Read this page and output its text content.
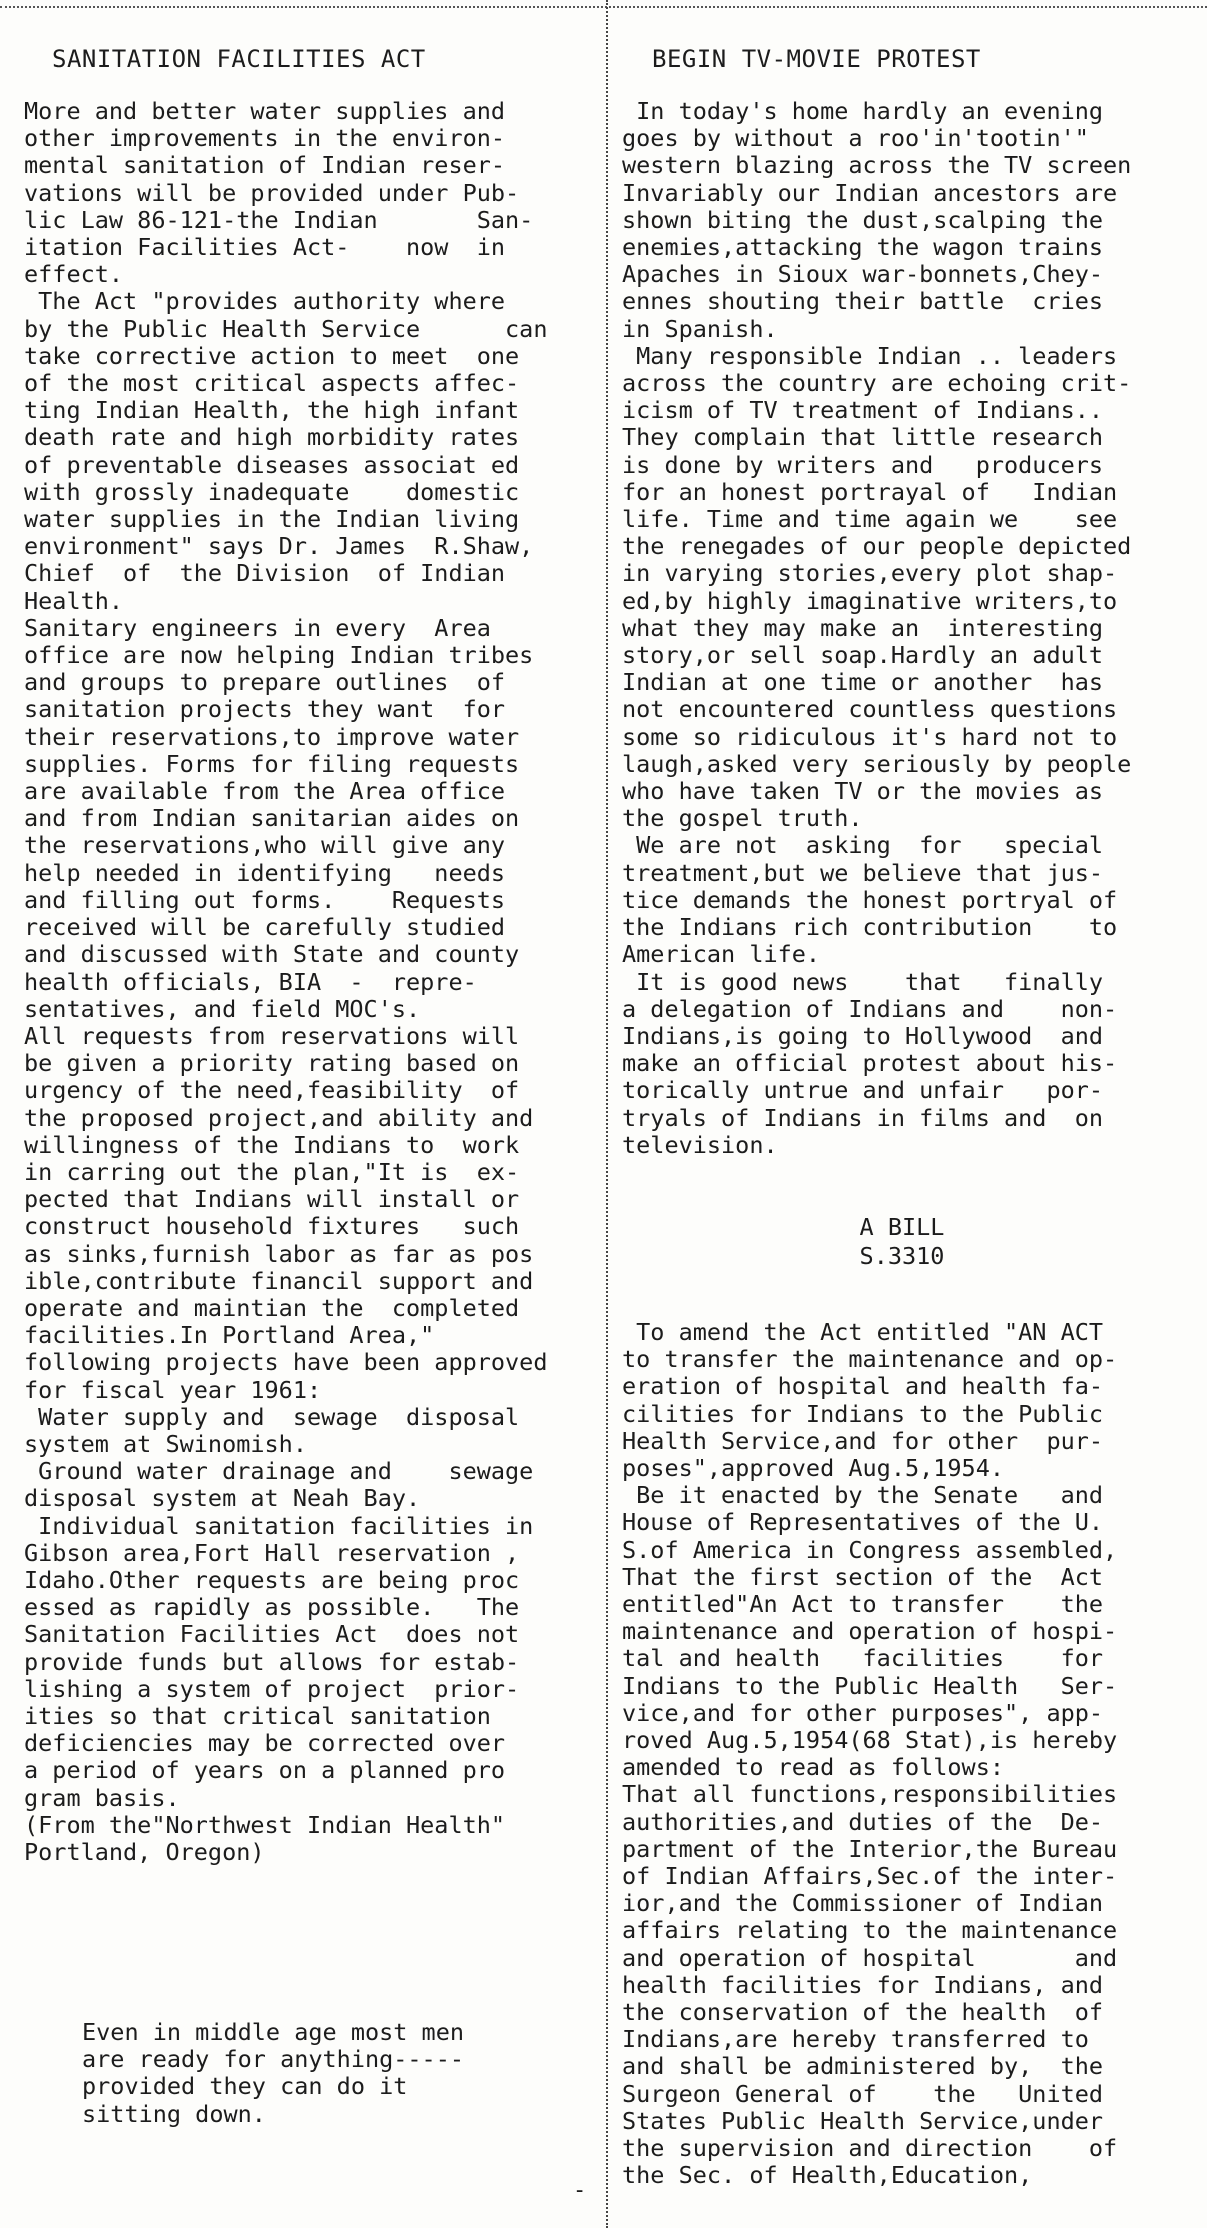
SANITATION FACILITIES ACT
More and better water supplies and
other improvements in the environ-
mental sanitation of Indian reser-
vations will be provided under Pub-
lic Law 86-121-the Indian       San-
itation Facilities Act-    now  in
effect.
The Act "provides authority where
by the Public Health Service      can
take corrective action to meet  one
of the most critical aspects affec-
ting Indian Health, the high infant
death rate and high morbidity rates
of preventable diseases associat ed
with grossly inadequate    domestic
water supplies in the Indian living
environment" says Dr. James  R.Shaw,
Chief  of  the Division  of Indian
Health.
Sanitary engineers in every  Area
office are now helping Indian tribes
and groups to prepare outlines  of
sanitation projects they want  for
their reservations,to improve water
supplies. Forms for filing requests
are available from the Area office
and from Indian sanitarian aides on
the reservations,who will give any
help needed in identifying   needs
and filling out forms.    Requests
received will be carefully studied
and discussed with State and county
health officials, BIA  -  repre-
sentatives, and field MOC's.
All requests from reservations will
be given a priority rating based on
urgency of the need,feasibility  of
the proposed project,and ability and
willingness of the Indians to  work
in carring out the plan,"It is  ex-
pected that Indians will install or
construct household fixtures   such
as sinks,furnish labor as far as pos
ible,contribute financil support and
operate and maintian the  completed
facilities.In Portland Area,"
following projects have been approved
for fiscal year 1961:
Water supply and  sewage  disposal
system at Swinomish.
Ground water drainage and    sewage
disposal system at Neah Bay.
Individual sanitation facilities in
Gibson area,Fort Hall reservation ,
Idaho.Other requests are being proc
essed as rapidly as possible.   The
Sanitation Facilities Act  does not
provide funds but allows for estab-
lishing a system of project  prior-
ities so that critical sanitation
deficiencies may be corrected over
a period of years on a planned pro
gram basis.
(From the"Northwest Indian Health"
Portland, Oregon)
Even in middle age most men
are ready for anything-----
provided they can do it
sitting down.
BEGIN TV-MOVIE PROTEST
In today's home hardly an evening
goes by without a roo'in'tootin'"
western blazing across the TV screen
Invariably our Indian ancestors are
shown biting the dust,scalping the
enemies,attacking the wagon trains
Apaches in Sioux war-bonnets,Chey-
ennes shouting their battle  cries
in Spanish.
Many responsible Indian .. leaders
across the country are echoing crit-
icism of TV treatment of Indians..
They complain that little research
is done by writers and   producers
for an honest portrayal of   Indian
life. Time and time again we    see
the renegades of our people depicted
in varying stories,every plot shap-
ed,by highly imaginative writers,to
what they may make an  interesting
story,or sell soap.Hardly an adult
Indian at one time or another  has
not encountered countless questions
some so ridiculous it's hard not to
laugh,asked very seriously by people
who have taken TV or the movies as
the gospel truth.
We are not  asking  for   special
treatment,but we believe that jus-
tice demands the honest portryal of
the Indians rich contribution    to
American life.
It is good news    that   finally
a delegation of Indians and    non-
Indians,is going to Hollywood  and
make an official protest about his-
torically untrue and unfair   por-
tryals of Indians in films and  on
television.
A BILL
S.3310
To amend the Act entitled "AN ACT
to transfer the maintenance and op-
eration of hospital and health fa-
cilities for Indians to the Public
Health Service,and for other  pur-
poses",approved Aug.5,1954.
Be it enacted by the Senate   and
House of Representatives of the U.
S.of America in Congress assembled,
That the first section of the  Act
entitled"An Act to transfer    the
maintenance and operation of hospi-
tal and health   facilities    for
Indians to the Public Health   Ser-
vice,and for other purposes", app-
roved Aug.5,1954(68 Stat),is hereby
amended to read as follows:
That all functions,responsibilities
authorities,and duties of the  De-
partment of the Interior,the Bureau
of Indian Affairs,Sec.of the inter-
ior,and the Commissioner of Indian
affairs relating to the maintenance
and operation of hospital       and
health facilities for Indians, and
the conservation of the health  of
Indians,are hereby transferred to
and shall be administered by,  the
Surgeon General of    the   United
States Public Health Service,under
the supervision and direction    of
the Sec. of Health,Education,
-
